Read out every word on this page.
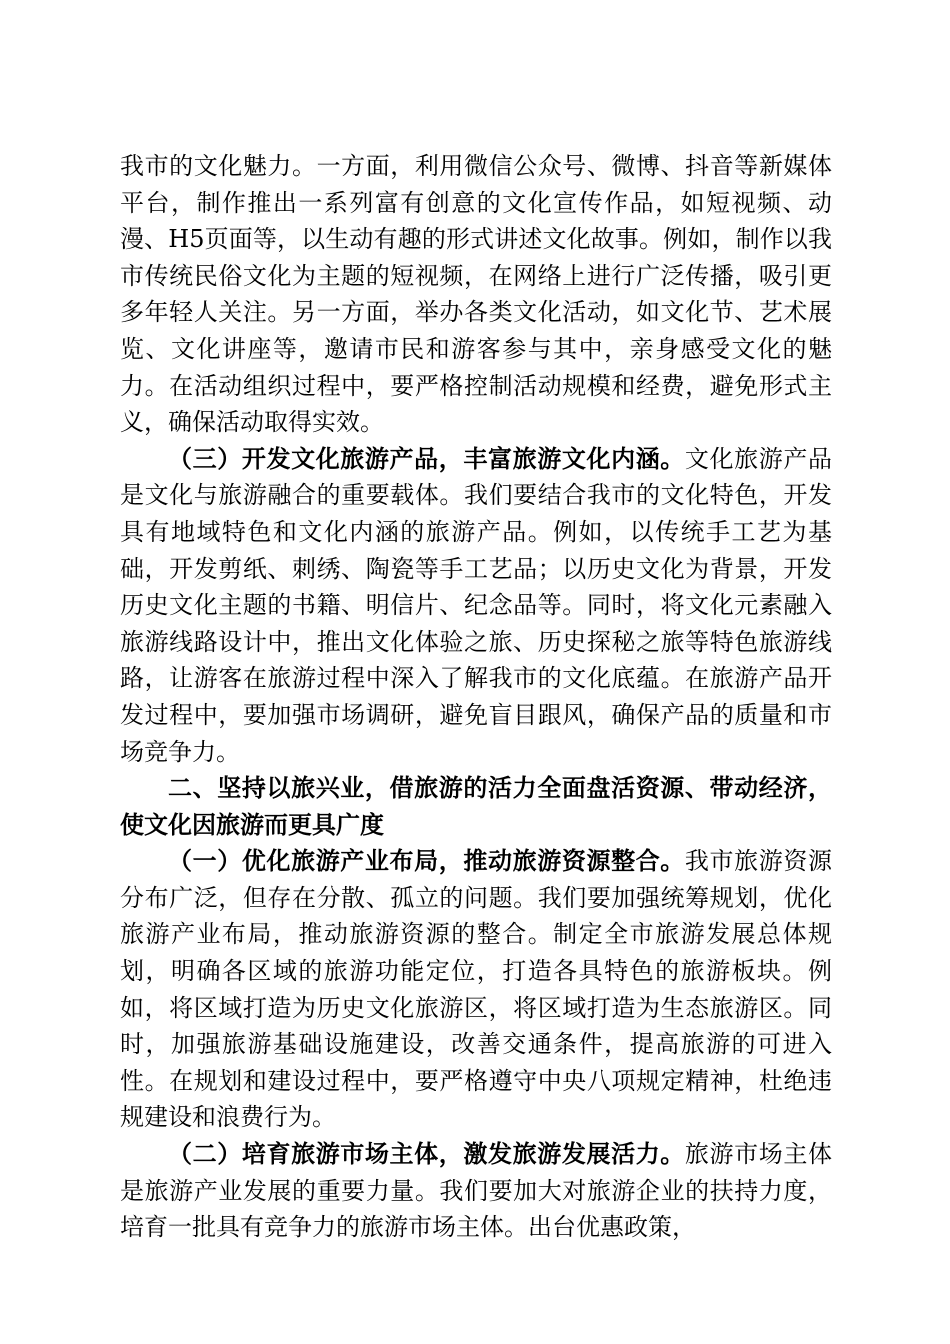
我市的文化魅力。一方面，利用微信公众号、微博、抖音等新媒体平台，制作推出一系列富有创意的文化宣传作品，如短视频、动漫、H5页面等，以生动有趣的形式讲述文化故事。例如，制作以我市传统民俗文化为主题的短视频，在网络上进行广泛传播，吸引更多年轻人关注。另一方面，举办各类文化活动，如文化节、艺术展览、文化讲座等，邀请市民和游客参与其中，亲身感受文化的魅力。在活动组织过程中，要严格控制活动规模和经费，避免形式主义，确保活动取得实效。

（三）开发文化旅游产品，丰富旅游文化内涵。文化旅游产品是文化与旅游融合的重要载体。我们要结合我市的文化特色，开发具有地域特色和文化内涵的旅游产品。例如，以传统手工艺为基础，开发剪纸、刺绣、陶瓷等手工艺品；以历史文化为背景，开发历史文化主题的书籍、明信片、纪念品等。同时，将文化元素融入旅游线路设计中，推出文化体验之旅、历史探秘之旅等特色旅游线路，让游客在旅游过程中深入了解我市的文化底蕴。在旅游产品开发过程中，要加强市场调研，避免盲目跟风，确保产品的质量和市场竞争力。

二、坚持以旅兴业，借旅游的活力全面盘活资源、带动经济，使文化因旅游而更具广度

（一）优化旅游产业布局，推动旅游资源整合。我市旅游资源分布广泛，但存在分散、孤立的问题。我们要加强统筹规划，优化旅游产业布局，推动旅游资源的整合。制定全市旅游发展总体规划，明确各区域的旅游功能定位，打造各具特色的旅游板块。例如，将区域打造为历史文化旅游区，将区域打造为生态旅游区。同时，加强旅游基础设施建设，改善交通条件，提高旅游的可进入性。在规划和建设过程中，要严格遵守中央八项规定精神，杜绝违规建设和浪费行为。

（二）培育旅游市场主体，激发旅游发展活力。旅游市场主体是旅游产业发展的重要力量。我们要加大对旅游企业的扶持力度，培育一批具有竞争力的旅游市场主体。出台优惠政策，
